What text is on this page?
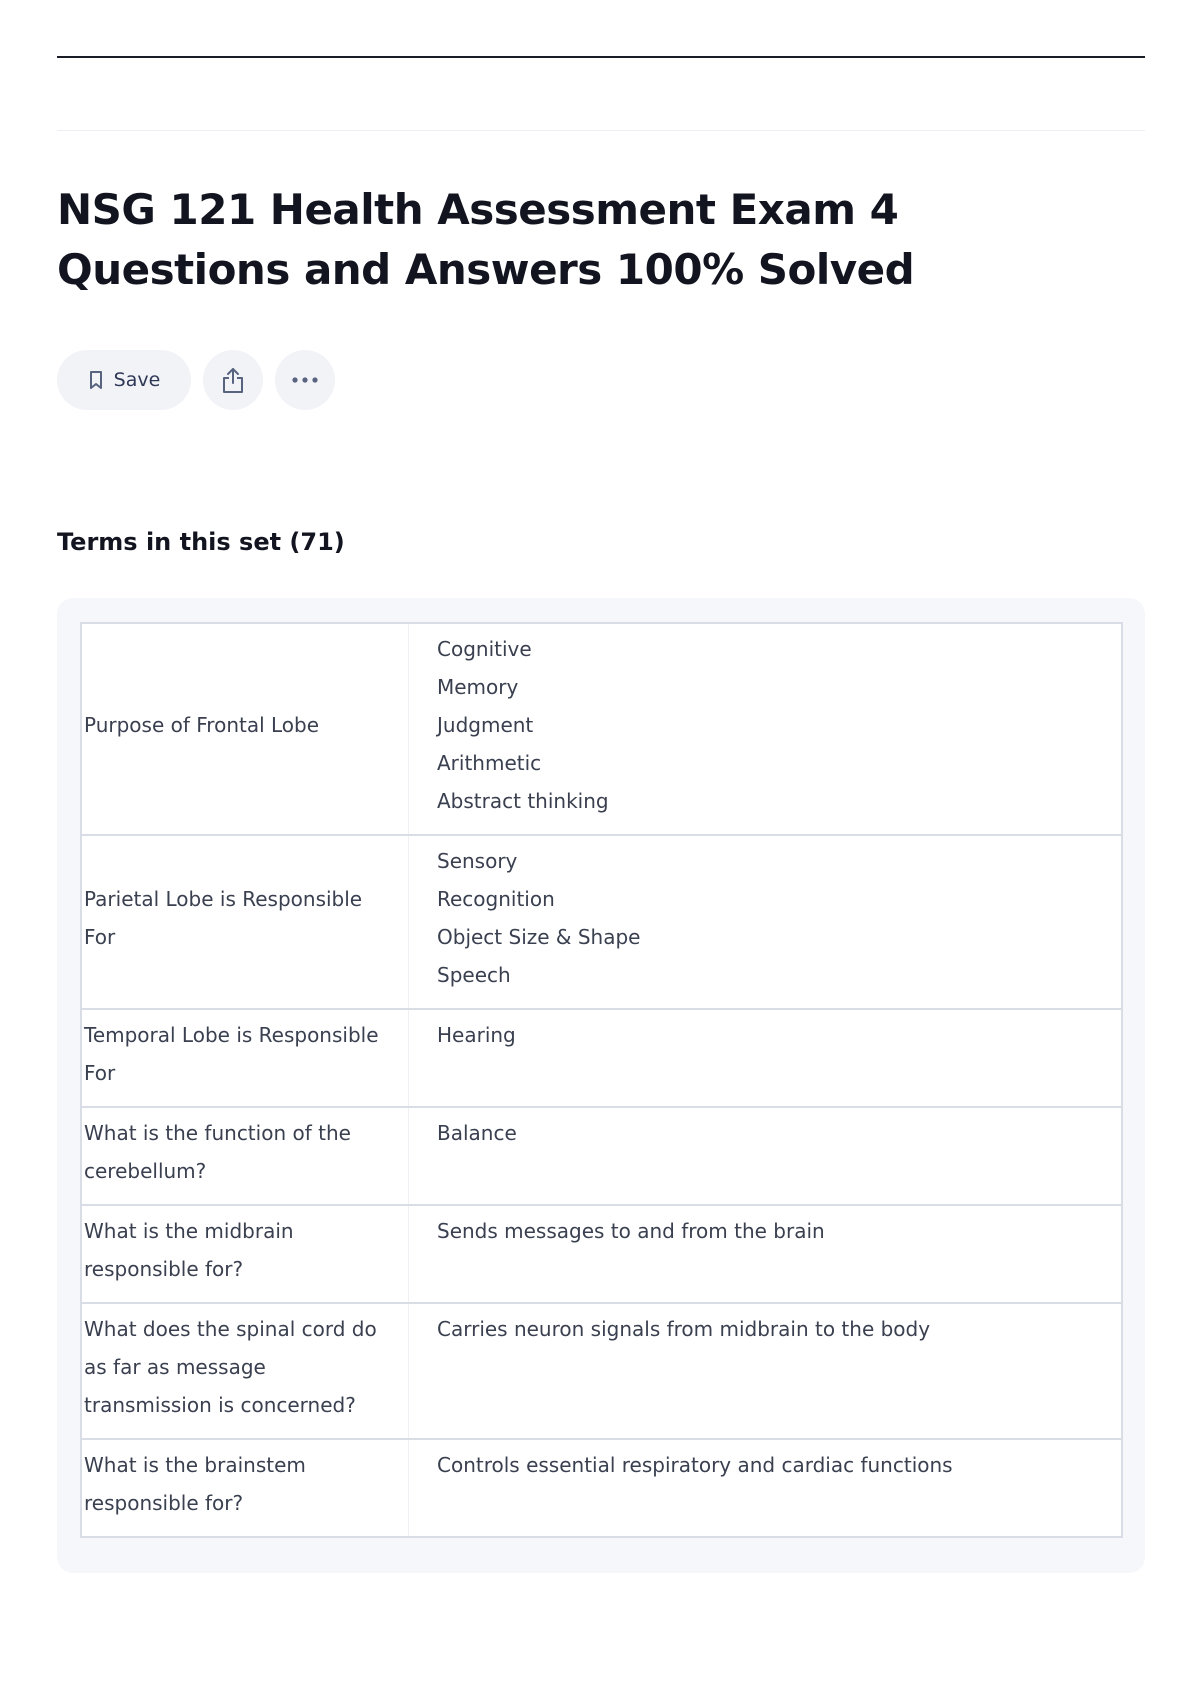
NSG 121 Health Assessment Exam 4 Questions and Answers 100% Solved
Save
Terms in this set (71)
Purpose of Frontal Lobe	Cognitive
Memory
Judgment
Arithmetic
Abstract thinking

Parietal Lobe is Responsible For	Sensory
Recognition
Object Size & Shape
Speech

Temporal Lobe is Responsible For	Hearing

What is the function of the cerebellum?	Balance

What is the midbrain responsible for?	Sends messages to and from the brain

What does the spinal cord do as far as message transmission is concerned?	Carries neuron signals from midbrain to the body

What is the brainstem responsible for?	Controls essential respiratory and cardiac functions
